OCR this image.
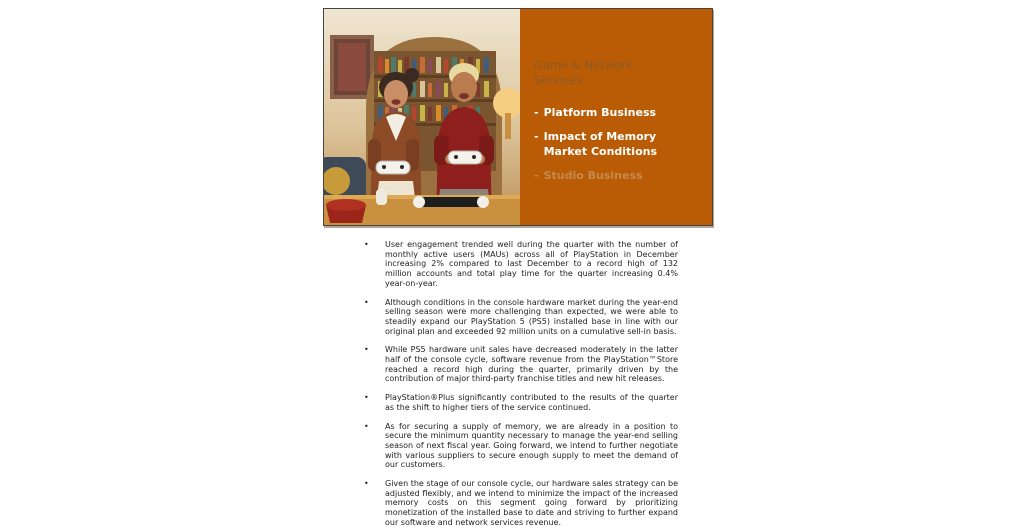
Game & Network Services
- Platform Business
- Impact of Memory Market Conditions
- Studio Business
•	User engagement trended well during the quarter with the number of monthly active users (MAUs) across all of PlayStation in December increasing 2% compared to last December to a record high of 132 million accounts and total play time for the quarter increasing 0.4% year-on-year.

•	Although conditions in the console hardware market during the year-end selling season were more challenging than expected, we were able to steadily expand our PlayStation 5 (PS5) installed base in line with our original plan and exceeded 92 million units on a cumulative sell-in basis.

•	While PS5 hardware unit sales have decreased moderately in the latter half of the console cycle, software revenue from the PlayStation™Store reached a record high during the quarter, primarily driven by the contribution of major third-party franchise titles and new hit releases.

•	PlayStation®Plus significantly contributed to the results of the quarter as the shift to higher tiers of the service continued.

•	As for securing a supply of memory, we are already in a position to secure the minimum quantity necessary to manage the year-end selling season of next fiscal year. Going forward, we intend to further negotiate with various suppliers to secure enough supply to meet the demand of our customers.

•	Given the stage of our console cycle, our hardware sales strategy can be adjusted flexibly, and we intend to minimize the impact of the increased memory costs on this segment going forward by prioritizing monetization of the installed base to date and striving to further expand our software and network services revenue.
